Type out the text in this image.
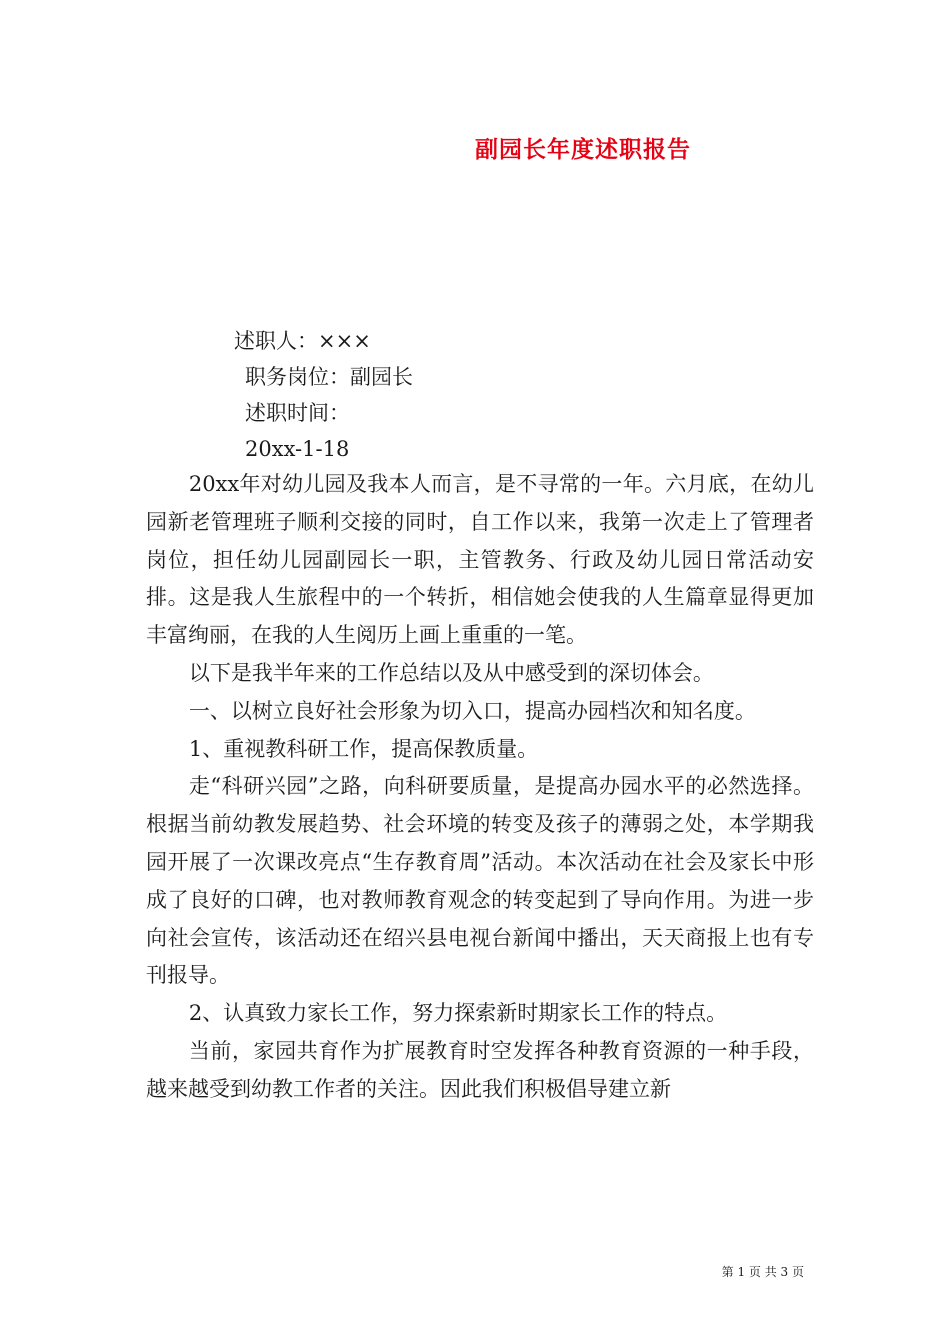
副园长年度述职报告
述职人：×××
职务岗位：副园长
述职时间：
20xx-1-18

20xx年对幼儿园及我本人而言，是不寻常的一年。六月底，在幼儿园新老管理班子顺利交接的同时，自工作以来，我第一次走上了管理者岗位，担任幼儿园副园长一职，主管教务、行政及幼儿园日常活动安排。这是我人生旅程中的一个转折，相信她会使我的人生篇章显得更加丰富绚丽，在我的人生阅历上画上重重的一笔。

以下是我半年来的工作总结以及从中感受到的深切体会。

一、以树立良好社会形象为切入口，提高办园档次和知名度。

1、重视教科研工作，提高保教质量。

走“科研兴园”之路，向科研要质量，是提高办园水平的必然选择。根据当前幼教发展趋势、社会环境的转变及孩子的薄弱之处，本学期我园开展了一次课改亮点“生存教育周”活动。本次活动在社会及家长中形成了良好的口碑，也对教师教育观念的转变起到了导向作用。为进一步向社会宣传，该活动还在绍兴县电视台新闻中播出，天天商报上也有专刊报导。

2、认真致力家长工作，努力探索新时期家长工作的特点。

当前，家园共育作为扩展教育时空发挥各种教育资源的一种手段，越来越受到幼教工作者的关注。因此我们积极倡导建立新

第 1 页 共 3 页
